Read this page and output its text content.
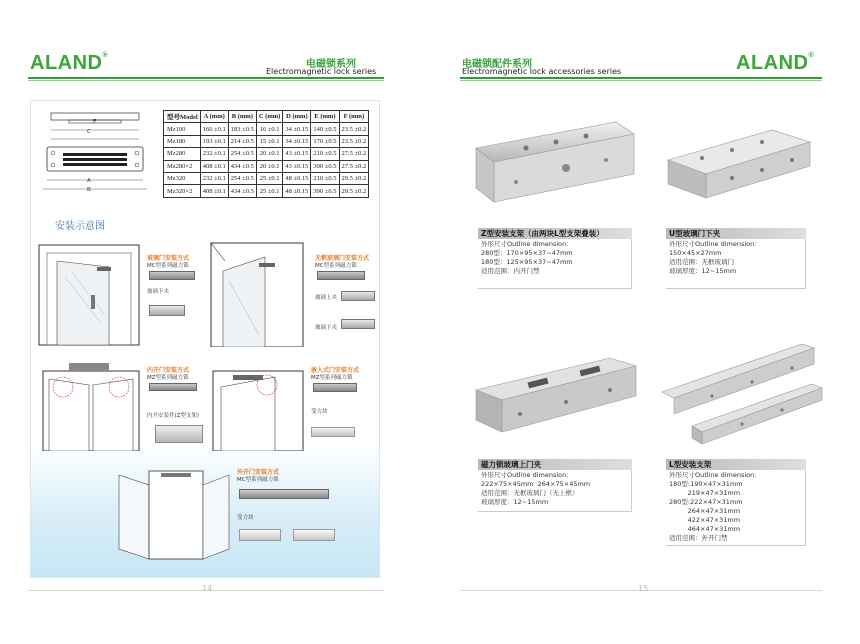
ALAND®
电磁锁系列
Electromagnetic lock series
E
C
A
B
型号Model	A (mm)	B (mm)	C (mm)	D (mm)	E (mm)	F (mm)
Mz100	160 ±0.1	183 ±0.5	16 ±0.1	34 ±0.15	140 ±0.5	23.5 ±0.2
Mz180	193 ±0.1	214 ±0.5	15 ±0.1	34 ±0.15	170 ±0.5	23.5 ±0.2
Mz280	232 ±0.1	254 ±0.5	20 ±0.1	43 ±0.15	210 ±0.5	27.5 ±0.2
Mz280×2	408 ±0.1	434 ±0.5	20 ±0.1	43 ±0.15	390 ±0.5	27.5 ±0.2
Mz320	232 ±0.1	254 ±0.5	25 ±0.1	48 ±0.15	210 ±0.5	29.5 ±0.2
Mz320×2	408 ±0.1	434 ±0.5	25 ±0.1	48 ±0.15	390 ±0.5	29.5 ±0.2
安装示意图
玻璃门安装方式
MC型系列磁力锁
玻璃下夹
无框玻璃门安装方式
MC型系列磁力锁
玻璃上夹
玻璃下夹
内开门安装方式
MZ型系列磁力锁
内开安装件(Z型支架)
嵌入式门安装方式
MZ型系列磁力锁
受力块
外开门安装方式
MC型系列磁力锁
受力块
14
电磁锁配件系列
Electromagnetic lock accessories series	ALAND®
Z型安装支架（由两块L型支架叠装）
外形尺寸Outline dimension：
280型：170×95×37~47mm
180型：125×95×37~47mm
适用范围：内开门禁
U型玻璃门下夹
外形尺寸Outline dimension：
150×45×27mm
适用范围：无框玻璃门
玻璃厚度：12~15mm
磁力锁玻璃上门夹
外形尺寸Outline dimension：
222×75×45mm  264×75×45mm
适用范围：无框玻璃门（无上框）
玻璃厚度：12~15mm
L型安装支架
外形尺寸Outline dimension：
180型:190×47×31mm
219×47×31mm
280型:222×47×31mm
264×47×31mm
422×47×31mm
464×47×31mm
适用范围：外开门禁
15
